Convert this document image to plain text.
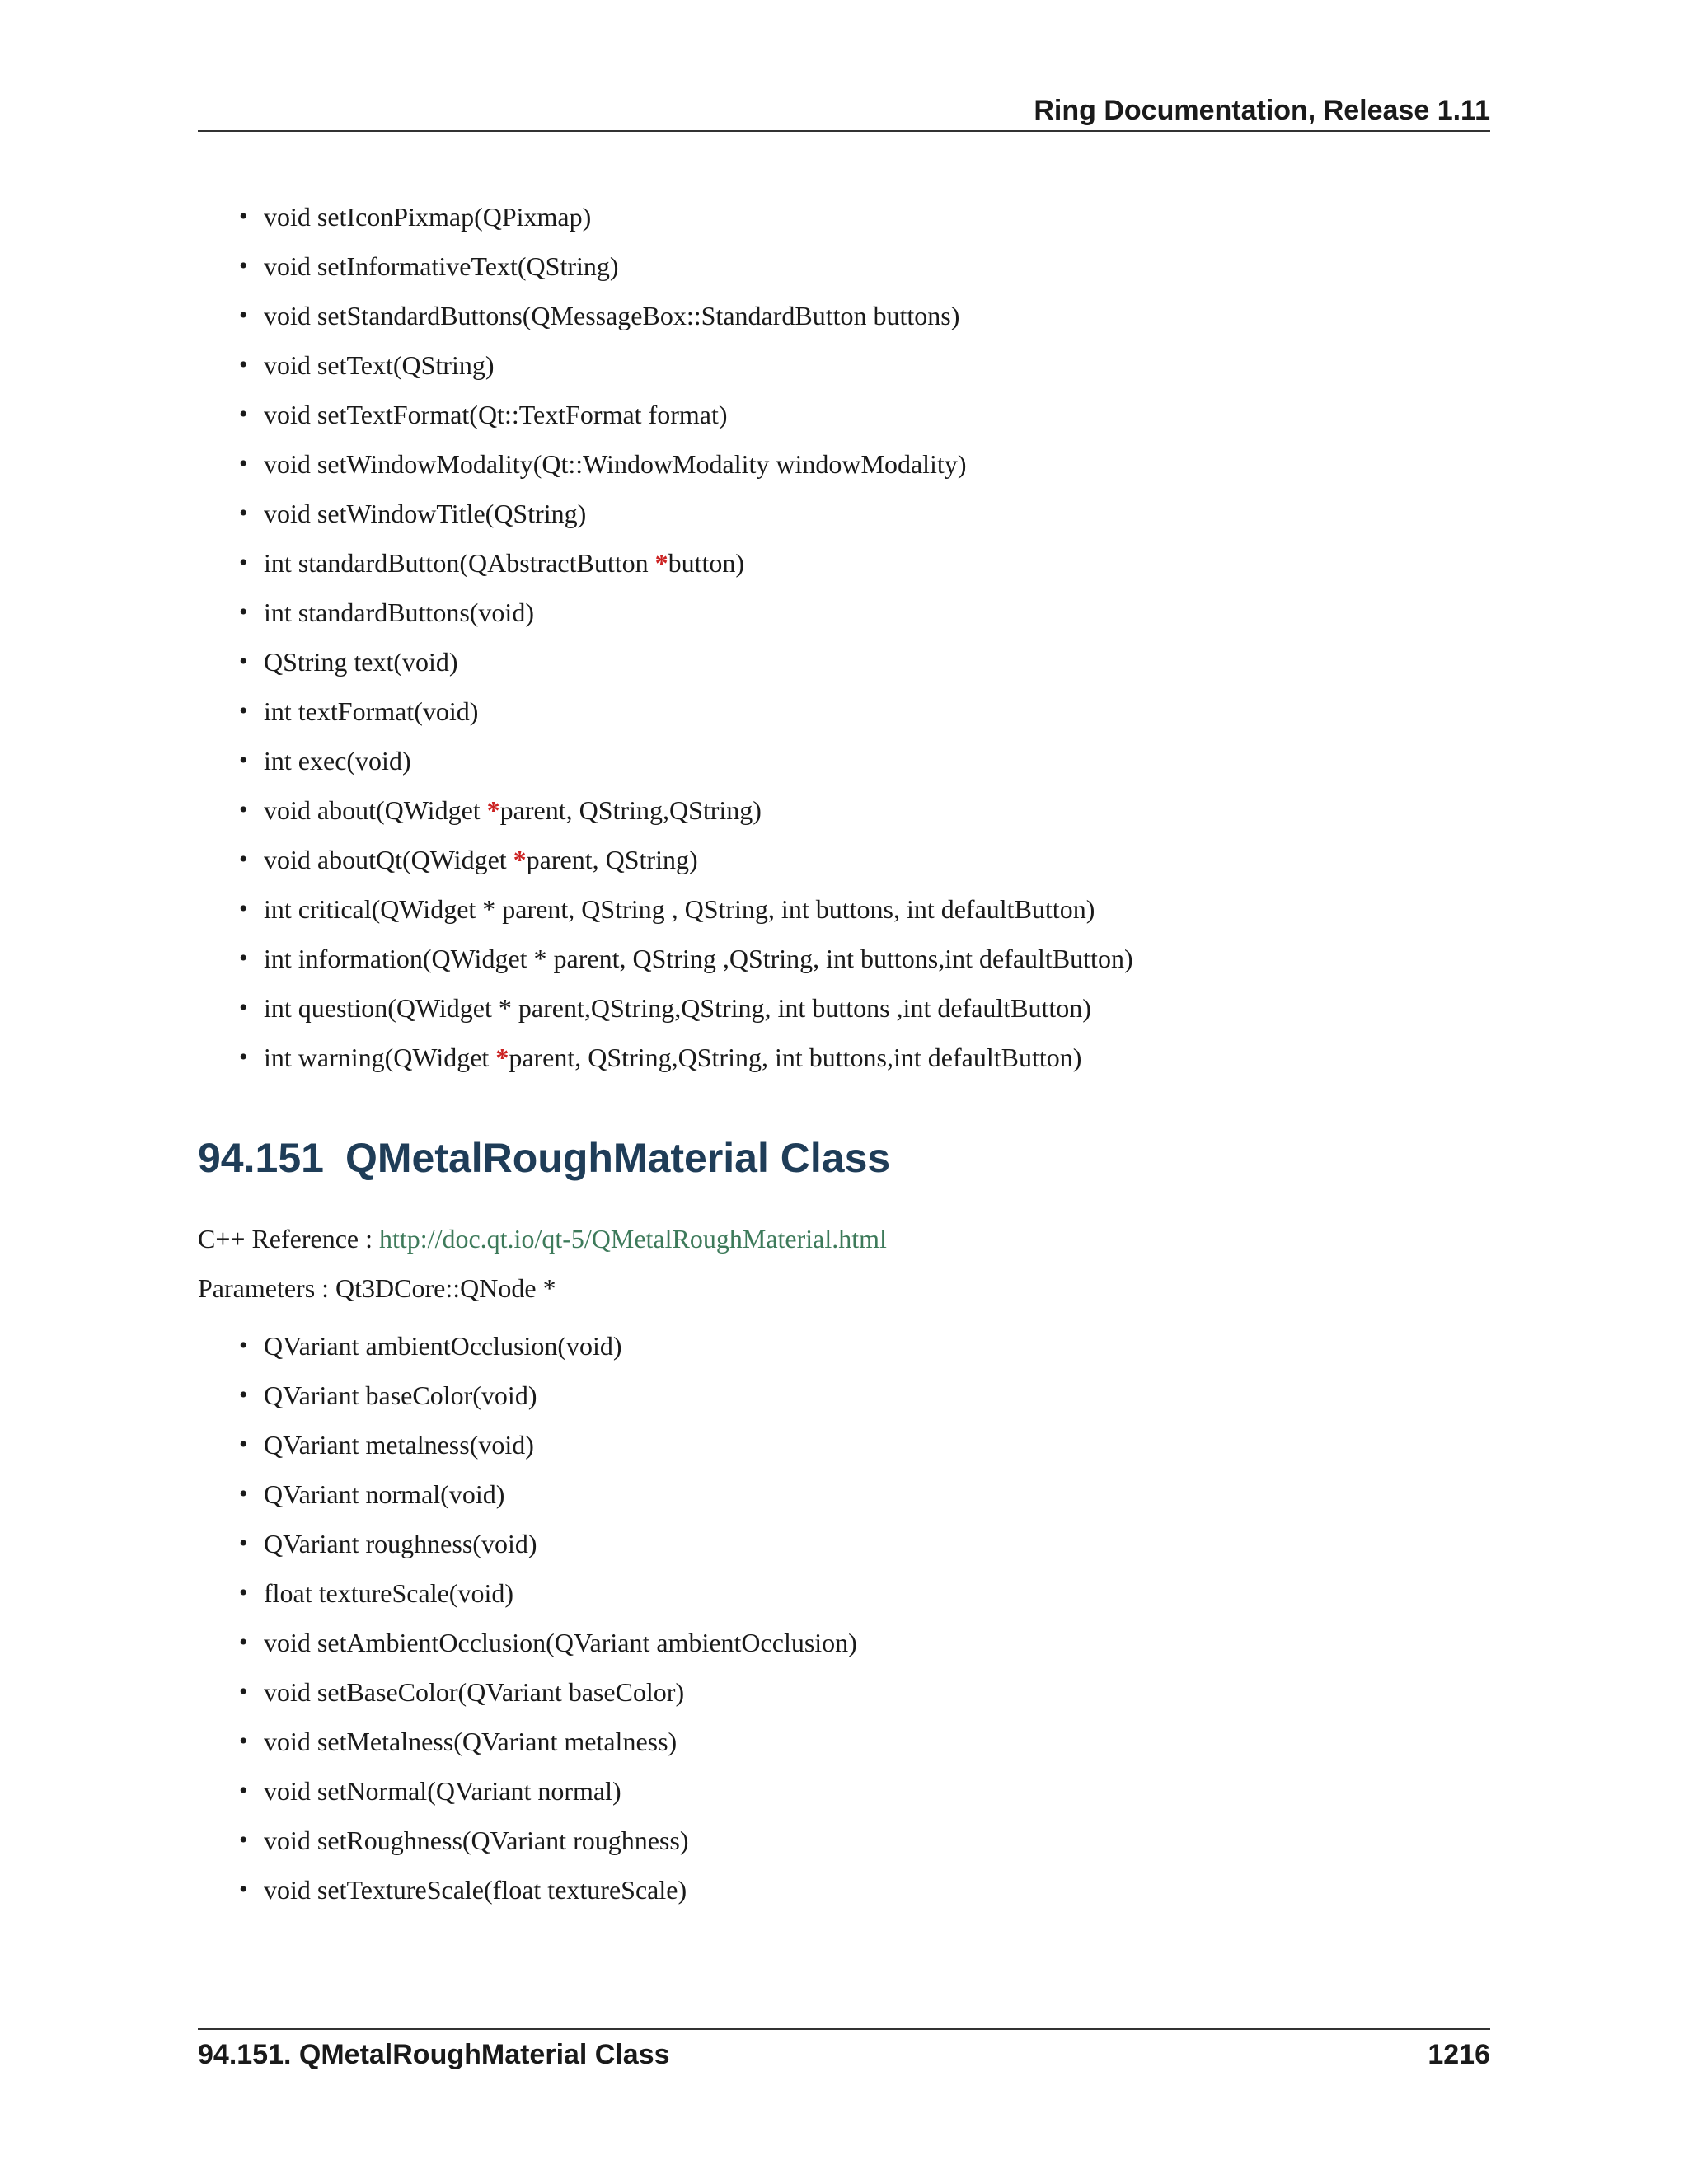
Ring Documentation, Release 1.11
• void setIconPixmap(QPixmap)
• void setInformativeText(QString)
• void setStandardButtons(QMessageBox::StandardButton buttons)
• void setText(QString)
• void setTextFormat(Qt::TextFormat format)
• void setWindowModality(Qt::WindowModality windowModality)
• void setWindowTitle(QString)
• int standardButton(QAbstractButton *button)
• int standardButtons(void)
• QString text(void)
• int textFormat(void)
• int exec(void)
• void about(QWidget *parent, QString,QString)
• void aboutQt(QWidget *parent, QString)
• int critical(QWidget * parent, QString , QString, int buttons, int defaultButton)
• int information(QWidget * parent, QString ,QString, int buttons,int defaultButton)
• int question(QWidget * parent,QString,QString, int buttons ,int defaultButton)
• int warning(QWidget *parent, QString,QString, int buttons,int defaultButton)
94.151 QMetalRoughMaterial Class
C++ Reference : http://doc.qt.io/qt-5/QMetalRoughMaterial.html
Parameters : Qt3DCore::QNode *
• QVariant ambientOcclusion(void)
• QVariant baseColor(void)
• QVariant metalness(void)
• QVariant normal(void)
• QVariant roughness(void)
• float textureScale(void)
• void setAmbientOcclusion(QVariant ambientOcclusion)
• void setBaseColor(QVariant baseColor)
• void setMetalness(QVariant metalness)
• void setNormal(QVariant normal)
• void setRoughness(QVariant roughness)
• void setTextureScale(float textureScale)
94.151. QMetalRoughMaterial Class	1216
